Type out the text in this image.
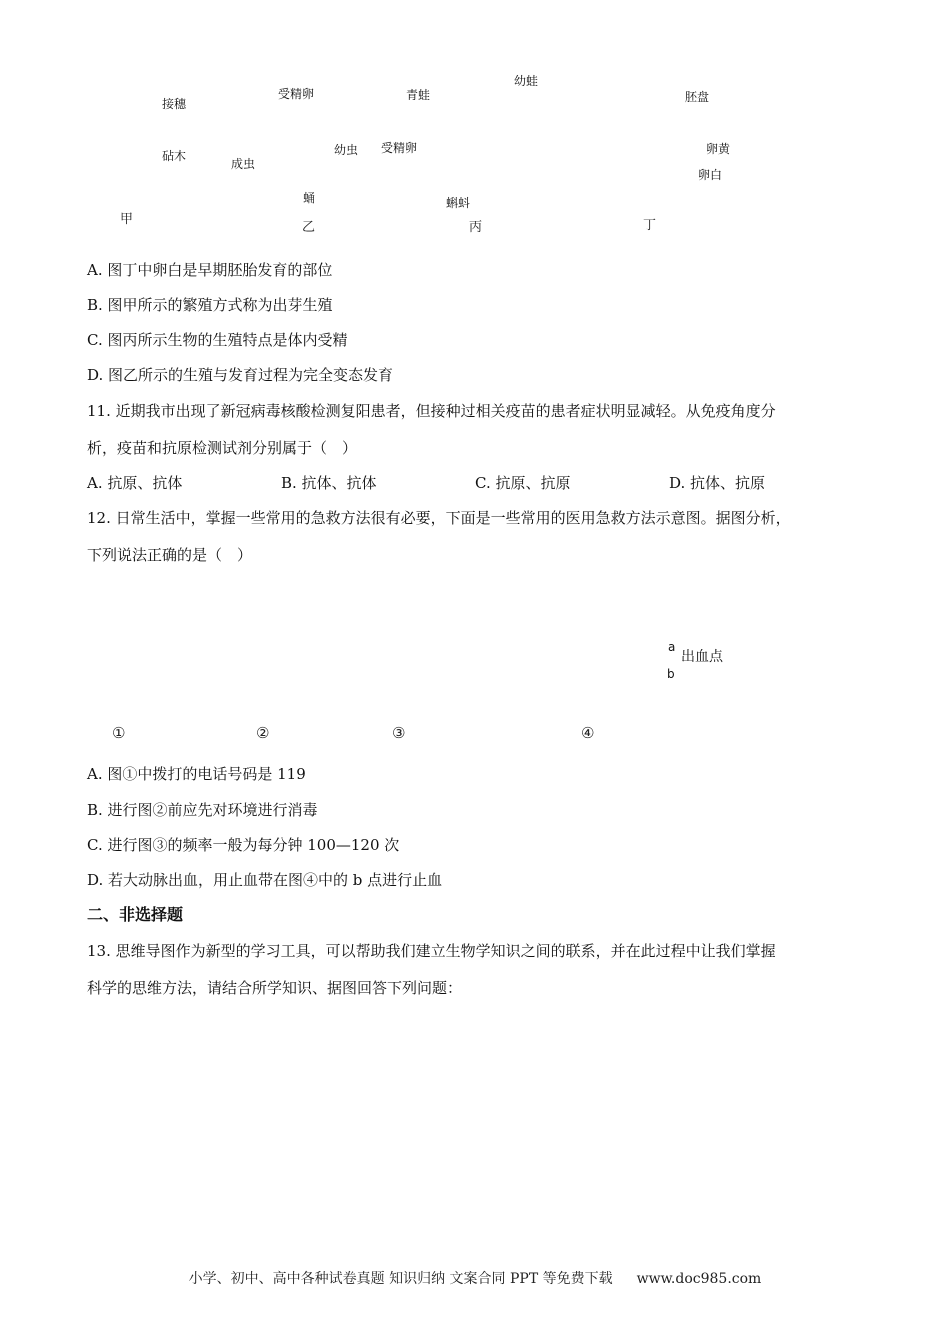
接穗
砧木
甲
受精卵
幼虫
蛹
成虫
乙
青蛙
幼蛙
受精卵
蝌蚪
丙
胚盘
卵黄
卵白
丁
A. 图丁中卵白是早期胚胎发育的部位
B. 图甲所示的繁殖方式称为出芽生殖
C. 图丙所示生物的生殖特点是体内受精
D. 图乙所示的生殖与发育过程为完全变态发育
11. 近期我市出现了新冠病毒核酸检测复阳患者，但接种过相关疫苗的患者症状明显减轻。从免疫角度分
析，疫苗和抗原检测试剂分别属于（　）
A. 抗原、抗体	B. 抗体、抗体	C. 抗原、抗原	D. 抗体、抗原
12. 日常生活中，掌握一些常用的急救方法很有必要，下面是一些常用的医用急救方法示意图。据图分析，
下列说法正确的是（　）
a
出血点
b
①	②	③	④
A. 图①中拨打的电话号码是 119
B. 进行图②前应先对环境进行消毒
C. 进行图③的频率一般为每分钟 100—120 次
D. 若大动脉出血，用止血带在图④中的 b 点进行止血
二、非选择题
13. 思维导图作为新型的学习工具，可以帮助我们建立生物学知识之间的联系，并在此过程中让我们掌握
科学的思维方法，请结合所学知识、据图回答下列问题：
小学、初中、高中各种试卷真题 知识归纳 文案合同 PPT 等免费下载 www.doc985.com
